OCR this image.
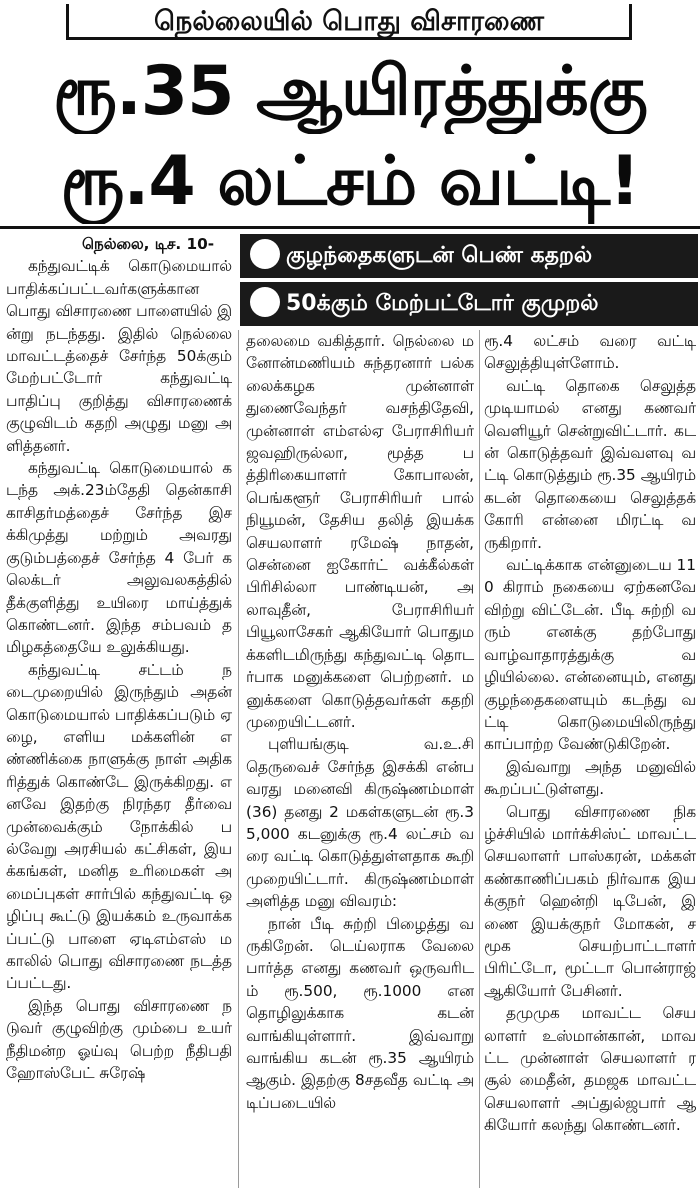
நெல்லையில் பொது விசாரணை
ரூ.35 ஆயிரத்துக்கு
ரூ.4 லட்சம் வட்டி!
நெல்லை, டிச. 10-

கந்துவட்டிக் கொடுமையால் பாதிக்கப்பட்டவர்களுக்கான பொது விசாரணை பாளையில் இன்று நடந்தது. இதில் நெல்லை மாவட்டத்தைச் சேர்ந்த 50க்கும் மேற்பட்டோர் கந்துவட்டி பாதிப்பு குறித்து விசாரணைக் குழுவிடம் கதறி அழுது மனு அளித்தனர்.

கந்துவட்டி கொடுமையால் கடந்த அக்.23ம்தேதி தென்காசி காசிதர்மத்தைச் சேர்ந்த இசக்கிமுத்து மற்றும் அவரது குடும்பத்தைச் சேர்ந்த 4 பேர் கலெக்டர் அலுவலகத்தில் தீக்குளித்து உயிரை மாய்த்துக் கொண்டனர். இந்த சம்பவம் தமிழகத்தையே உலுக்கியது.

கந்துவட்டி சட்டம் நடைமுறையில் இருந்தும் அதன் கொடுமையால் பாதிக்கப்படும் ஏழை, எளிய மக்களின் எண்ணிக்கை நாளுக்கு நாள் அதிகரித்துக் கொண்டே இருக்கிறது. எனவே இதற்கு நிரந்தர தீர்வை முன்வைக்கும் நோக்கில் பல்வேறு அரசியல் கட்சிகள், இயக்கங்கள், மனித உரிமைகள் அமைப்புகள் சார்பில் கந்துவட்டி ஒழிப்பு கூட்டு இயக்கம் உருவாக்கப்பட்டு பாளை ஏடிஎம்எஸ் மகாலில் பொது விசாரணை நடத்தப்பட்டது.

இந்த பொது விசாரணை நடுவர் குழுவிற்கு மும்பை உயர் நீதிமன்ற ஓய்வு பெற்ற நீதிபதி ஹோஸ்பேட் சுரேஷ்

குழந்தைகளுடன் பெண் கதறல்
50க்கும் மேற்பட்டோர் குமுறல்

தலைமை வகித்தார். நெல்லை மனோன்மணியம் சுந்தரனார் பல்கலைக்கழக முன்னாள் துணைவேந்தர் வசந்திதேவி, முன்னாள் எம்எல்ஏ பேராசிரியர் ஜவஹிருல்லா, மூத்த பத்திரிகையாளர் கோபாலன், பெங்களூர் பேராசிரியர் பால் நியூமன், தேசிய தலித் இயக்க செயலாளர் ரமேஷ் நாதன், சென்னை ஐகோர்ட் வக்கீல்கள் பிரிசில்லா பாண்டியன், அலாவுதீன், பேராசிரியர் பியூலாசேகர் ஆகியோர் பொதுமக்களிடமிருந்து கந்துவட்டி தொடர்பாக மனுக்களை பெற்றனர். மனுக்களை கொடுத்தவர்கள் கதறி முறையிட்டனர்.

புளியங்குடி வ.உ.சி தெருவைச் சேர்ந்த இசக்கி என்பவரது மனைவி கிருஷ்ணம்மாள் (36) தனது 2 மகள்களுடன் ரூ.35,000 கடனுக்கு ரூ.4 லட்சம் வரை வட்டி கொடுத்துள்ளதாக கூறி முறையிட்டார். கிருஷ்ணம்மாள் அளித்த மனு விவரம்:

நான் பீடி சுற்றி பிழைத்து வருகிறேன். டெய்லராக வேலை பார்த்த எனது கணவர் ஒருவரிடம் ரூ.500, ரூ.1000 என தொழிலுக்காக கடன் வாங்கியுள்ளார். இவ்வாறு வாங்கிய கடன் ரூ.35 ஆயிரம் ஆகும். இதற்கு 8சதவீத வட்டி அடிப்படையில்

ரூ.4 லட்சம் வரை வட்டி செலுத்தியுள்ளோம்.

வட்டி தொகை செலுத்த முடியாமல் எனது கணவர் வெளியூர் சென்றுவிட்டார். கடன் கொடுத்தவர் இவ்வளவு வட்டி கொடுத்தும் ரூ.35 ஆயிரம் கடன் தொகையை செலுத்தக் கோரி என்னை மிரட்டி வருகிறார்.

வட்டிக்காக என்னுடைய 110 கிராம் நகையை ஏற்கனவே விற்று விட்டேன். பீடி சுற்றி வரும் எனக்கு தற்போது வாழ்வாதாரத்துக்கு வழியில்லை. என்னையும், எனது குழந்தைகளையும் கடந்து வட்டி கொடுமையிலிருந்து காப்பாற்ற வேண்டுகிறேன்.

இவ்வாறு அந்த மனுவில் கூறப்பட்டுள்ளது.

பொது விசாரணை நிகழ்ச்சியில் மார்க்சிஸ்ட் மாவட்ட செயலாளர் பாஸ்கரன், மக்கள் கண்காணிப்பகம் நிர்வாக இயக்குநர் ஹென்றி டிபேன், இணை இயக்குநர் மோகன், சமூக செயற்பாட்டாளர் பிரிட்டோ, மூட்டா பொன்ராஜ் ஆகியோர் பேசினர்.

தமுமுக மாவட்ட செயலாளர் உஸ்மான்கான், மாவட்ட முன்னாள் செயலாளர் ரசூல் மைதீன், தமஜக மாவட்ட செயலாளர் அப்துல்ஜபார் ஆகியோர் கலந்து கொண்டனர்.
